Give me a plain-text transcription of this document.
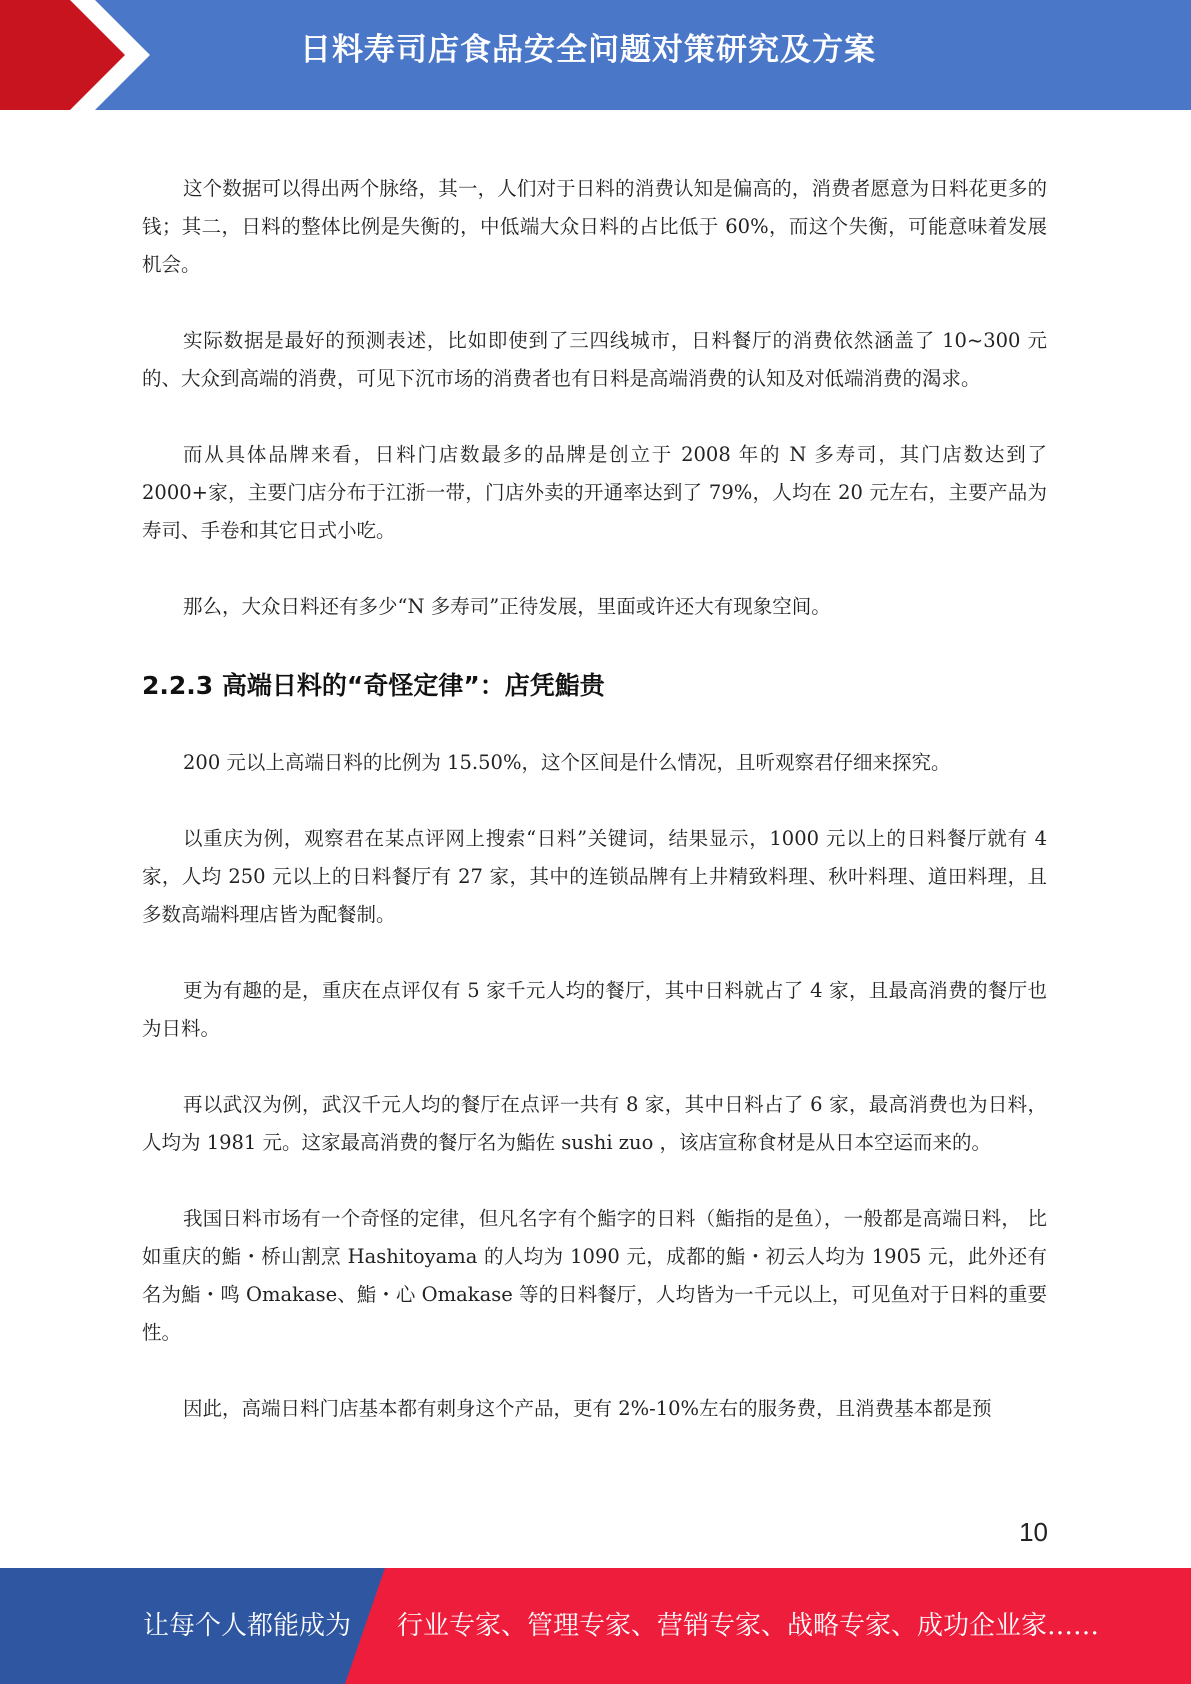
日料寿司店食品安全问题对策研究及方案

这个数据可以得出两个脉络，其一，人们对于日料的消费认知是偏高的，消费者愿意为日料花更多的钱；其二，日料的整体比例是失衡的，中低端大众日料的占比低于 60%，而这个失衡，可能意味着发展机会。

实际数据是最好的预测表述，比如即使到了三四线城市，日料餐厅的消费依然涵盖了 10~300 元的、大众到高端的消费，可见下沉市场的消费者也有日料是高端消费的认知及对低端消费的渴求。

而从具体品牌来看，日料门店数最多的品牌是创立于 2008 年的 N 多寿司，其门店数达到了 2000+家，主要门店分布于江浙一带，门店外卖的开通率达到了 79%，人均在 20 元左右，主要产品为寿司、手卷和其它日式小吃。

那么，大众日料还有多少“N 多寿司”正待发展，里面或许还大有现象空间。

2.2.3 高端日料的“奇怪定律”：店凭鮨贵

200 元以上高端日料的比例为 15.50%，这个区间是什么情况，且听观察君仔细来探究。

以重庆为例，观察君在某点评网上搜索“日料”关键词，结果显示，1000 元以上的日料餐厅就有 4 家，人均 250 元以上的日料餐厅有 27 家，其中的连锁品牌有上井精致料理、秋叶料理、道田料理，且多数高端料理店皆为配餐制。

更为有趣的是，重庆在点评仅有 5 家千元人均的餐厅，其中日料就占了 4 家，且最高消费的餐厅也为日料。

再以武汉为例，武汉千元人均的餐厅在点评一共有 8 家，其中日料占了 6 家，最高消费也为日料，人均为 1981 元。这家最高消费的餐厅名为鮨佐 sushi zuo ，该店宣称食材是从日本空运而来的。

我国日料市场有一个奇怪的定律，但凡名字有个鮨字的日料（鮨指的是鱼），一般都是高端日料， 比如重庆的鮨・桥山割烹 Hashitoyama 的人均为 1090 元，成都的鮨・初云人均为 1905 元，此外还有名为鮨・鸣 Omakase、鮨・心 Omakase 等的日料餐厅，人均皆为一千元以上，可见鱼对于日料的重要性。

因此，高端日料门店基本都有刺身这个产品，更有 2%-10%左右的服务费，且消费基本都是预

10
让每个人都能成为 行业专家、管理专家、营销专家、战略专家、成功企业家……
